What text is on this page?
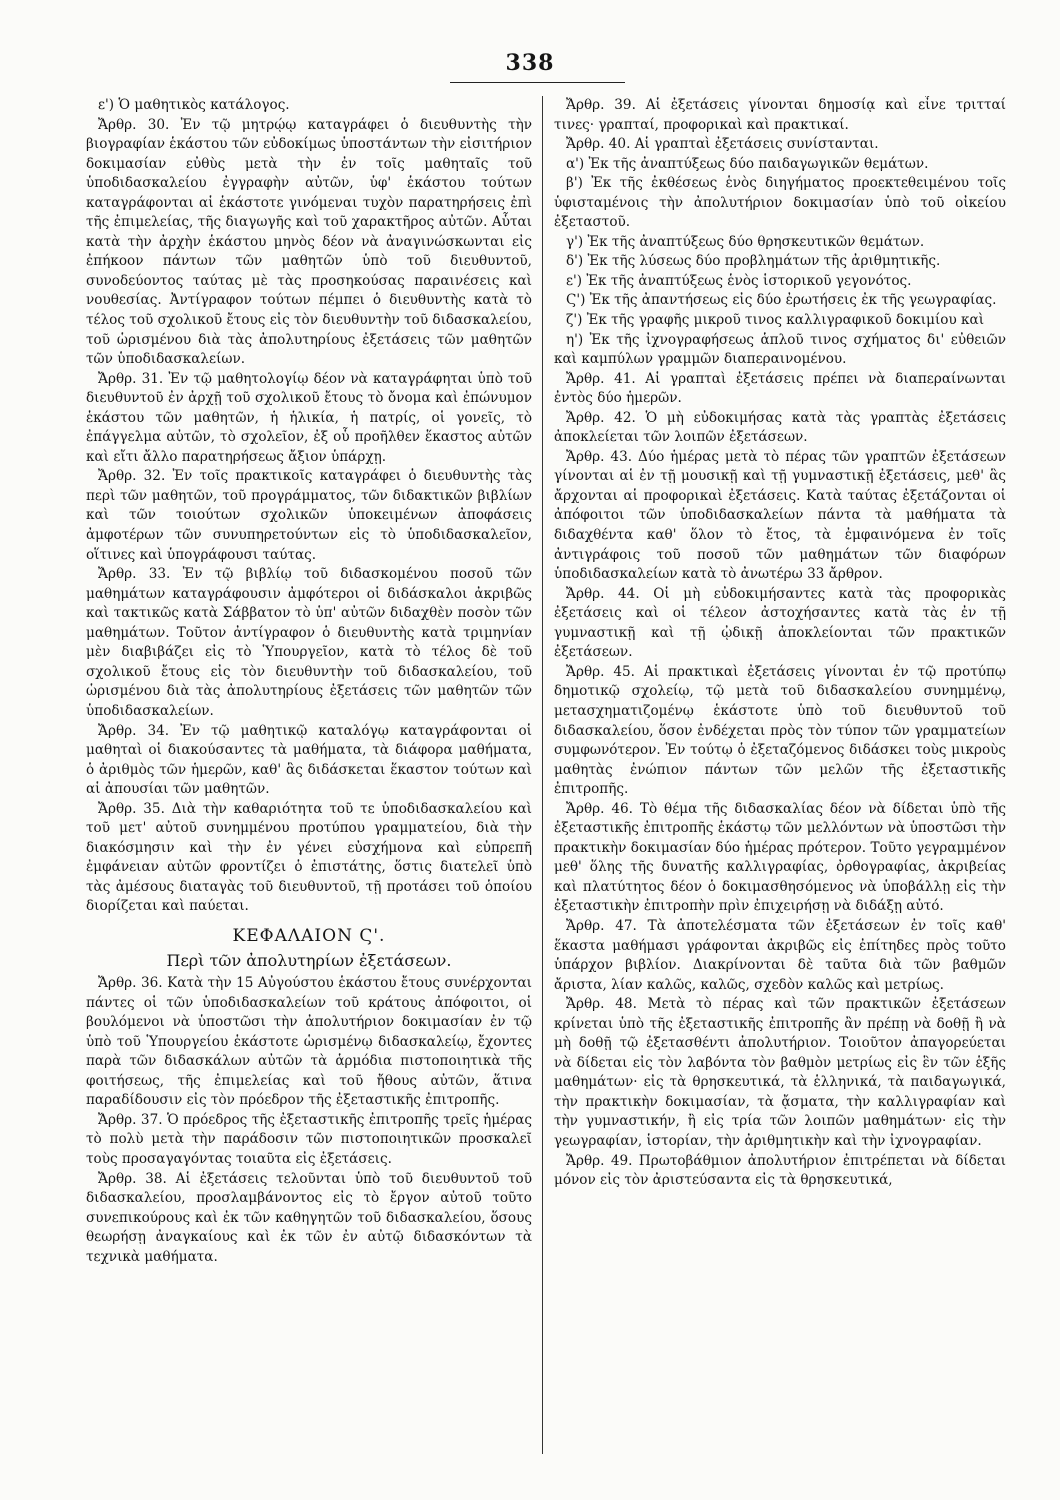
338

ε') Ὁ μαθητικὸς κατάλογος.

Ἄρθρ. 30. Ἐν τῷ μητρῴῳ καταγράφει ὁ διευθυντὴς τὴν βιογραφίαν ἑκάστου τῶν εὐδοκίμως ὑποστάντων τὴν εἰσιτήριον δοκιμασίαν εὐθὺς μετὰ τὴν ἐν τοῖς μαθηταῖς τοῦ ὑποδιδασκαλείου ἐγγραφὴν αὐτῶν, ὑφ' ἑκάστου τούτων καταγράφονται αἱ ἑκάστοτε γινόμεναι τυχὸν παρατηρήσεις ἐπὶ τῆς ἐπιμελείας, τῆς διαγωγῆς καὶ τοῦ χαρακτῆρος αὐτῶν. Αὗται κατὰ τὴν ἀρχὴν ἑκάστου μηνὸς δέον νὰ ἀναγινώσκωνται εἰς ἐπήκοον πάντων τῶν μαθητῶν ὑπὸ τοῦ διευθυντοῦ, συνοδεύοντος ταύτας μὲ τὰς προσηκούσας παραινέσεις καὶ νουθεσίας. Ἀντίγραφον τούτων πέμπει ὁ διευθυντὴς κατὰ τὸ τέλος τοῦ σχολικοῦ ἔτους εἰς τὸν διευθυντὴν τοῦ διδασκαλείου, τοῦ ὡρισμένου διὰ τὰς ἀπολυτηρίους ἐξετάσεις τῶν μαθητῶν τῶν ὑποδιδασκαλείων.

Ἄρθρ. 31. Ἐν τῷ μαθητολογίῳ δέον νὰ καταγράφηται ὑπὸ τοῦ διευθυντοῦ ἐν ἀρχῇ τοῦ σχολικοῦ ἔτους τὸ ὄνομα καὶ ἐπώνυμον ἑκάστου τῶν μαθητῶν, ἡ ἡλικία, ἡ πατρίς, οἱ γονεῖς, τὸ ἐπάγγελμα αὐτῶν, τὸ σχολεῖον, ἐξ οὗ προῆλθεν ἕκαστος αὐτῶν καὶ εἴτι ἄλλο παρατηρήσεως ἄξιον ὑπάρχῃ.

Ἄρθρ. 32. Ἐν τοῖς πρακτικοῖς καταγράφει ὁ διευθυντὴς τὰς περὶ τῶν μαθητῶν, τοῦ προγράμματος, τῶν διδακτικῶν βιβλίων καὶ τῶν τοιούτων σχολικῶν ὑποκειμένων ἀποφάσεις ἀμφοτέρων τῶν συνυπηρετούντων εἰς τὸ ὑποδιδασκαλεῖον, οἵτινες καὶ ὑπογράφουσι ταύτας.

Ἄρθρ. 33. Ἐν τῷ βιβλίῳ τοῦ διδασκομένου ποσοῦ τῶν μαθημάτων καταγράφουσιν ἀμφότεροι οἱ διδάσκαλοι ἀκριβῶς καὶ τακτικῶς κατὰ Σάββατον τὸ ὑπ' αὐτῶν διδαχθὲν ποσὸν τῶν μαθημάτων. Τοῦτον ἀντίγραφον ὁ διευθυντὴς κατὰ τριμηνίαν μὲν διαβιβάζει εἰς τὸ Ὑπουργεῖον, κατὰ τὸ τέλος δὲ τοῦ σχολικοῦ ἔτους εἰς τὸν διευθυντὴν τοῦ διδασκαλείου, τοῦ ὡρισμένου διὰ τὰς ἀπολυτηρίους ἐξετάσεις τῶν μαθητῶν τῶν ὑποδιδασκαλείων.

Ἄρθρ. 34. Ἐν τῷ μαθητικῷ καταλόγῳ καταγράφονται οἱ μαθηταὶ οἱ διακούσαντες τὰ μαθήματα, τὰ διάφορα μαθήματα, ὁ ἀριθμὸς τῶν ἡμερῶν, καθ' ἃς διδάσκεται ἕκαστον τούτων καὶ αἱ ἀπουσίαι τῶν μαθητῶν.

Ἄρθρ. 35. Διὰ τὴν καθαριότητα τοῦ τε ὑποδιδασκαλείου καὶ τοῦ μετ' αὐτοῦ συνημμένου προτύπου γραμματείου, διὰ τὴν διακόσμησιν καὶ τὴν ἐν γένει εὐσχήμονα καὶ εὐπρεπῆ ἐμφάνειαν αὐτῶν φροντίζει ὁ ἐπιστάτης, ὅστις διατελεῖ ὑπὸ τὰς ἀμέσους διαταγὰς τοῦ διευθυντοῦ, τῇ προτάσει τοῦ ὁποίου διορίζεται καὶ παύεται.

ΚΕΦΑΛΑΙΟΝ Ϛ'.

Περὶ τῶν ἀπολυτηρίων ἐξετάσεων.

Ἄρθρ. 36. Κατὰ τὴν 15 Αὐγούστου ἑκάστου ἔτους συνέρχονται πάντες οἱ τῶν ὑποδιδασκαλείων τοῦ κράτους ἀπόφοιτοι, οἱ βουλόμενοι νὰ ὑποστῶσι τὴν ἀπολυτήριον δοκιμασίαν ἐν τῷ ὑπὸ τοῦ Ὑπουργείου ἑκάστοτε ὡρισμένῳ διδασκαλείῳ, ἔχοντες παρὰ τῶν διδασκάλων αὐτῶν τὰ ἁρμόδια πιστοποιητικὰ τῆς φοιτήσεως, τῆς ἐπιμελείας καὶ τοῦ ἤθους αὐτῶν, ἅτινα παραδίδουσιν εἰς τὸν πρόεδρον τῆς ἐξεταστικῆς ἐπιτροπῆς.

Ἄρθρ. 37. Ὁ πρόεδρος τῆς ἐξεταστικῆς ἐπιτροπῆς τρεῖς ἡμέρας τὸ πολὺ μετὰ τὴν παράδοσιν τῶν πιστοποιητικῶν προσκαλεῖ τοὺς προσαγαγόντας τοιαῦτα εἰς ἐξετάσεις.

Ἄρθρ. 38. Αἱ ἐξετάσεις τελοῦνται ὑπὸ τοῦ διευθυντοῦ τοῦ διδασκαλείου, προσλαμβάνοντος εἰς τὸ ἔργον αὐτοῦ τοῦτο συνεπικούρους καὶ ἐκ τῶν καθηγητῶν τοῦ διδασκαλείου, ὅσους θεωρήσῃ ἀναγκαίους καὶ ἐκ τῶν ἐν αὐτῷ διδασκόντων τὰ τεχνικὰ μαθήματα.

Ἄρθρ. 39. Αἱ ἐξετάσεις γίνονται δημοσίᾳ καὶ εἶνε τριτταί τινες· γραπταί, προφορικαὶ καὶ πρακτικαί.

Ἄρθρ. 40. Αἱ γραπταὶ ἐξετάσεις συνίστανται.

α') Ἐκ τῆς ἀναπτύξεως δύο παιδαγωγικῶν θεμάτων.

β') Ἐκ τῆς ἐκθέσεως ἑνὸς διηγήματος προεκτεθειμένου τοῖς ὑφισταμένοις τὴν ἀπολυτήριον δοκιμασίαν ὑπὸ τοῦ οἰκείου ἐξεταστοῦ.

γ') Ἐκ τῆς ἀναπτύξεως δύο θρησκευτικῶν θεμάτων.

δ') Ἐκ τῆς λύσεως δύο προβλημάτων τῆς ἀριθμητικῆς.

ε') Ἐκ τῆς ἀναπτύξεως ἑνὸς ἱστορικοῦ γεγονότος.

Ϛ') Ἐκ τῆς ἀπαντήσεως εἰς δύο ἐρωτήσεις ἐκ τῆς γεωγραφίας.

ζ') Ἐκ τῆς γραφῆς μικροῦ τινος καλλιγραφικοῦ δοκιμίου καὶ

η') Ἐκ τῆς ἰχνογραφήσεως ἁπλοῦ τινος σχήματος δι' εὐθειῶν καὶ καμπύλων γραμμῶν διαπεραινομένου.

Ἄρθρ. 41. Αἱ γραπταὶ ἐξετάσεις πρέπει νὰ διαπεραίνωνται ἐντὸς δύο ἡμερῶν.

Ἄρθρ. 42. Ὁ μὴ εὐδοκιμήσας κατὰ τὰς γραπτὰς ἐξετάσεις ἀποκλείεται τῶν λοιπῶν ἐξετάσεων.

Ἄρθρ. 43. Δύο ἡμέρας μετὰ τὸ πέρας τῶν γραπτῶν ἐξετάσεων γίνονται αἱ ἐν τῇ μουσικῇ καὶ τῇ γυμναστικῇ ἐξετάσεις, μεθ' ἃς ἄρχονται αἱ προφορικαὶ ἐξετάσεις. Κατὰ ταύτας ἐξετάζονται οἱ ἀπόφοιτοι τῶν ὑποδιδασκαλείων πάντα τὰ μαθήματα τὰ διδαχθέντα καθ' ὅλον τὸ ἔτος, τὰ ἐμφαινόμενα ἐν τοῖς ἀντιγράφοις τοῦ ποσοῦ τῶν μαθημάτων τῶν διαφόρων ὑποδιδασκαλείων κατὰ τὸ ἀνωτέρω 33 ἄρθρον.

Ἄρθρ. 44. Οἱ μὴ εὐδοκιμήσαντες κατὰ τὰς προφορικὰς ἐξετάσεις καὶ οἱ τέλεον ἀστοχήσαντες κατὰ τὰς ἐν τῇ γυμναστικῇ καὶ τῇ ᾠδικῇ ἀποκλείονται τῶν πρακτικῶν ἐξετάσεων.

Ἄρθρ. 45. Αἱ πρακτικαὶ ἐξετάσεις γίνονται ἐν τῷ προτύπῳ δημοτικῷ σχολείῳ, τῷ μετὰ τοῦ διδασκαλείου συνημμένῳ, μετασχηματιζομένῳ ἑκάστοτε ὑπὸ τοῦ διευθυντοῦ τοῦ διδασκαλείου, ὅσον ἐνδέχεται πρὸς τὸν τύπον τῶν γραμματείων συμφωνότερον. Ἐν τούτῳ ὁ ἐξεταζόμενος διδάσκει τοὺς μικροὺς μαθητὰς ἐνώπιον πάντων τῶν μελῶν τῆς ἐξεταστικῆς ἐπιτροπῆς.

Ἄρθρ. 46. Τὸ θέμα τῆς διδασκαλίας δέον νὰ δίδεται ὑπὸ τῆς ἐξεταστικῆς ἐπιτροπῆς ἑκάστῳ τῶν μελλόντων νὰ ὑποστῶσι τὴν πρακτικὴν δοκιμασίαν δύο ἡμέρας πρότερον. Τοῦτο γεγραμμένον μεθ' ὅλης τῆς δυνατῆς καλλιγραφίας, ὀρθογραφίας, ἀκριβείας καὶ πλατύτητος δέον ὁ δοκιμασθησόμενος νὰ ὑποβάλλῃ εἰς τὴν ἐξεταστικὴν ἐπιτροπὴν πρὶν ἐπιχειρήσῃ νὰ διδάξῃ αὐτό.

Ἄρθρ. 47. Τὰ ἀποτελέσματα τῶν ἐξετάσεων ἐν τοῖς καθ' ἕκαστα μαθήμασι γράφονται ἀκριβῶς εἰς ἐπίτηδες πρὸς τοῦτο ὑπάρχον βιβλίον. Διακρίνονται δὲ ταῦτα διὰ τῶν βαθμῶν ἄριστα, λίαν καλῶς, καλῶς, σχεδὸν καλῶς καὶ μετρίως.

Ἄρθρ. 48. Μετὰ τὸ πέρας καὶ τῶν πρακτικῶν ἐξετάσεων κρίνεται ὑπὸ τῆς ἐξεταστικῆς ἐπιτροπῆς ἂν πρέπῃ νὰ δοθῇ ἢ νὰ μὴ δοθῇ τῷ ἐξετασθέντι ἀπολυτήριον. Τοιοῦτον ἀπαγορεύεται νὰ δίδεται εἰς τὸν λαβόντα τὸν βαθμὸν μετρίως εἰς ἓν τῶν ἑξῆς μαθημάτων· εἰς τὰ θρησκευτικά, τὰ ἑλληνικά, τὰ παιδαγωγικά, τὴν πρακτικὴν δοκιμασίαν, τὰ ᾄσματα, τὴν καλλιγραφίαν καὶ τὴν γυμναστικήν, ἢ εἰς τρία τῶν λοιπῶν μαθημάτων· εἰς τὴν γεωγραφίαν, ἱστορίαν, τὴν ἀριθμητικὴν καὶ τὴν ἰχνογραφίαν.

Ἄρθρ. 49. Πρωτοβάθμιον ἀπολυτήριον ἐπιτρέπεται νὰ δίδεται μόνον εἰς τὸν ἀριστεύσαντα εἰς τὰ θρησκευτικά,
